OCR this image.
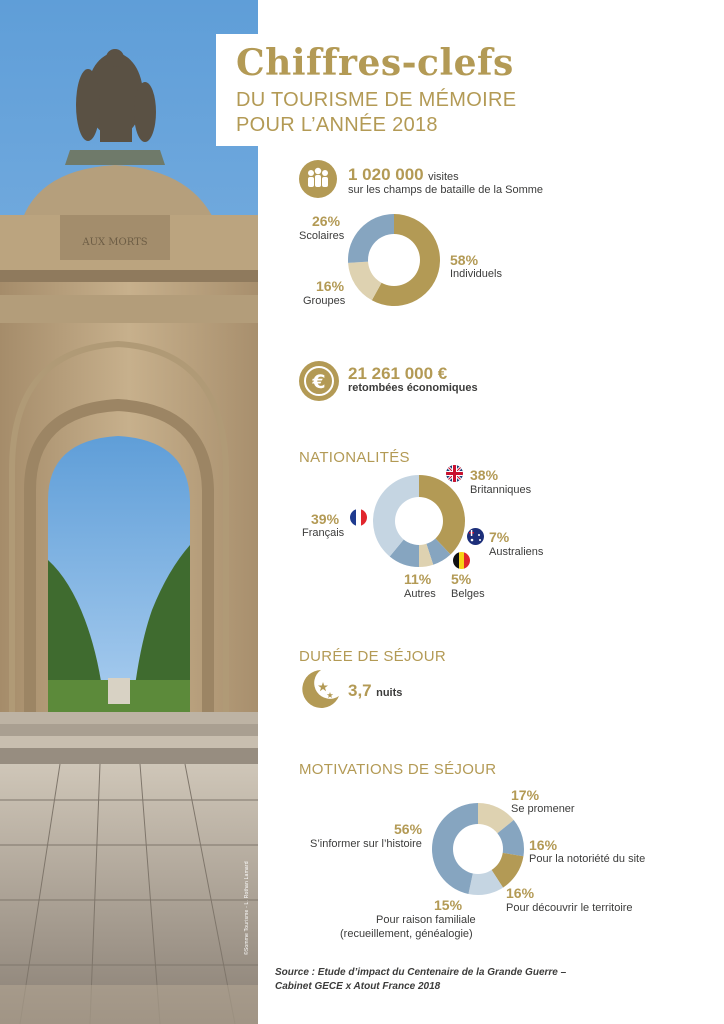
AUX MORTS
©Somme Tourisme - L. Rothan Lamard
Chiffres-clefs
DU TOURISME DE MÉMOIRE
POUR L’ANNÉE 2018
1 020 000 visites
sur les champs de bataille de la Somme
26%
Scolaires
58%
Individuels
16%
Groupes
€ 21 261 000 €
retombées économiques
NATIONALITÉS
38%
Britanniques
39%
Français	7%
Australiens
5%
Belges
11%
Autres
DURÉE DE SÉJOUR
3,7 nuits
MOTIVATIONS DE SÉJOUR
17%
Se promener
56%
S’informer sur l’histoire	16%
Pour la notoriété du site
16%
Pour découvrir le territoire
15%
Pour raison familiale
(recueillement, généalogie)
Source : Etude d’impact du Centenaire de la Grande Guerre –
Cabinet GECE x Atout France 2018
